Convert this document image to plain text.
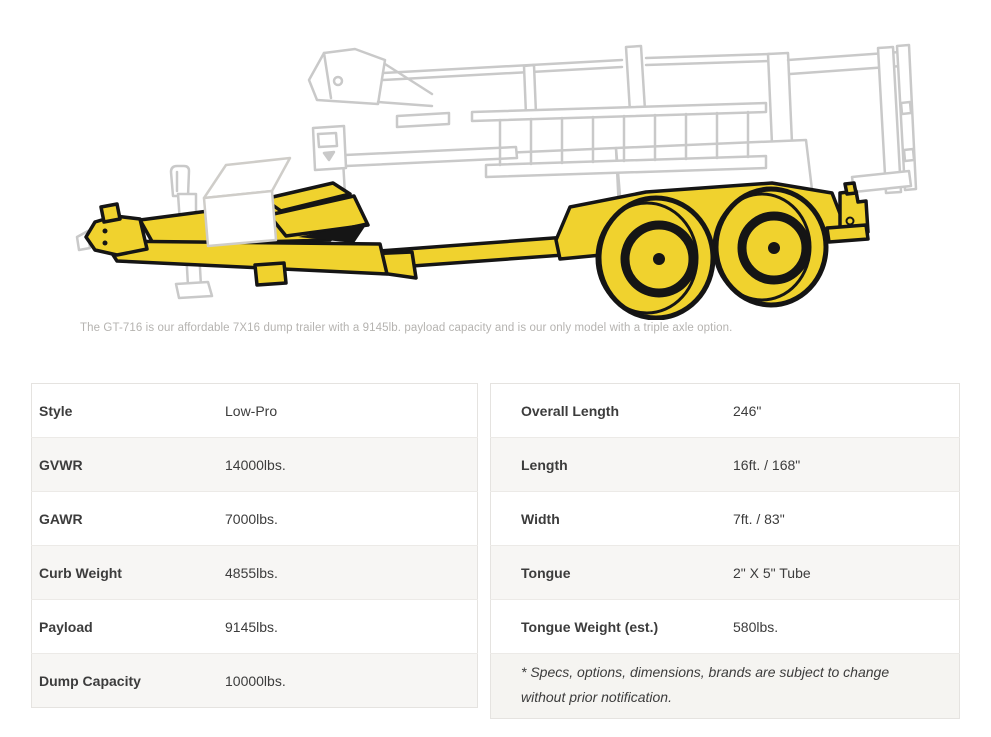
The GT-716 is our affordable 7X16 dump trailer with a 9145lb. payload capacity and is our only model with a triple axle option.
Style	Low-Pro
GVWR	14000lbs.
GAWR	7000lbs.
Curb Weight	4855lbs.
Payload	9145lbs.
Dump Capacity	10000lbs.
Overall Length	246"
Length	16ft. / 168"
Width	7ft. / 83"
Tongue	2" X 5" Tube
Tongue Weight (est.)	580lbs.
* Specs, options, dimensions, brands are subject to change without prior notification.	
